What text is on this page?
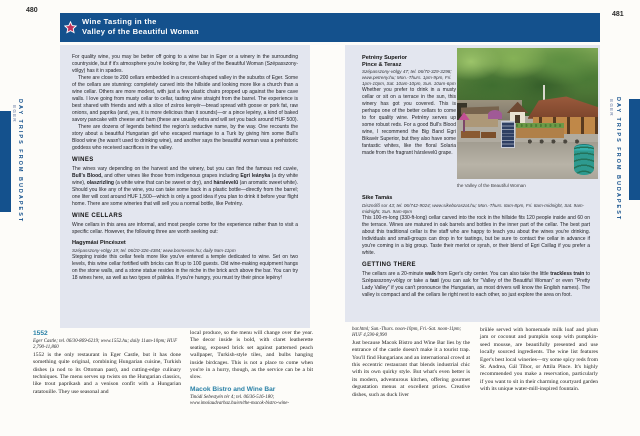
480
481
Wine Tasting in the
Valley of the Beautiful Woman

For quality wine, you may be better off going to a wine bar in Eger or a winery in the surrounding countryside, but if it's atmosphere you're looking for, the Valley of the Beautiful Woman (Szépasszony-völgy) has it in spades.

There are close to 200 cellars embedded in a crescent-shaped valley in the suburbs of Eger. Some of the cellars are stunning: completely carved into the hillside and looking more like a church than a wine cellar. Others are more modest, with just a few plastic chairs propped up against the bare cave walls. I love going from musty cellar to cellar, tasting wine straight from the barrel. The experience is best shared with friends and with a slice of zsíros kenyér—bread spread with goose or pork fat, raw onions, and paprika (and, yes, it is more delicious than it sounds)—or a pince lepény, a kind of baked savory pancake with cheese and ham (these are usually extra and will set you back around HUF 500).

There are dozens of legends behind the region's seductive name, by the way. One recounts the story about a beautiful Hungarian girl who escaped marriage to a Turk by giving him some Bull's Blood wine (he wasn't used to drinking wine), and another says the beautiful woman was a prehistoric goddess who received sacrifices in the valley.

WINES

The wines vary depending on the harvest and the winery, but you can find the famous red cuvée, Bull's Blood, and other wines like those from indigenous grapes including Egri leányka (a dry white wine), olaszrizling (a white wine that can be sweet or dry), and hárslevelű (an aromatic sweet white). Should you like any of the wine, you can take some back in a plastic bottle—directly from the barrel; one liter will cost around HUF 1,500—which is only a good idea if you plan to drink it before your flight home. There are some wineries that will sell you a normal bottle, like Petrény.

WINE CELLARS

Wine cellars in this area are informal, and most people come for the experience rather than to visit a specific cellar. However, the following three are worth seeking out:

Hagymási Pincészet

Szépasszony-völgy 19; tel. 06/20-326-4384; www.bormester.hu; daily 9am-11pm

Stepping inside this cellar feels more like you've entered a temple dedicated to wine. Set on two levels, this wine cellar fortified with bricks can fit up to 100 guests. Old wine-making equipment hangs on the stone walls, and a stone statue resides in the niche in the brick arch above the bar. You can try 18 wines here, as well as two types of pálinka. If you're hungry, you must try their pince lepény!

Petrény Superior
Pince & Terasz

Szépasszony-völgy 47; tel. 06/70-329-3298; www.petreny.hu; Mon.-Thurs. 1pm-9pm, Fri. 1pm-10pm, Sat. 10am-10pm, Sun. 10am-6pm

Whether you prefer to drink in a musty cellar or sit on a terrace in the sun, this winery has got you covered. This is perhaps one of the better cellars to come to for quality wine. Petrény serves up some robust reds. For a good Bull's Blood wine, I recommend the Big Band Egri Bikavér Superior, but they also have some fantastic whites, like the floral Solaria made from the fragrant hárslevelű grape.

the Valley of the Beautiful Woman
Sike Tamás

Disznófő sor 43; tel. 06/742-9024; www.sikeboraszat.hu; Mon.-Thurs. 8am-8pm, Fri. 8am-midnight, Sat. 9am-midnight, Sun. 9am-8pm

This 100-m-long (330-ft-long) cellar carved into the rock in the hillside fits 120 people inside and 60 on the terrace. Wines are matured in oak barrels and bottles in the inner part of the cellar. The best part about this traditional cellar is the staff who are happy to teach you about the wines you're drinking. Individuals and small-groups can drop in for tastings, but be sure to contact the cellar in advance if you're coming in a big group. Taste their merlot or syrah, or their blend of Egri Csillag if you prefer a white.

GETTING THERE

The cellars are a 20-minute walk from Eger's city center. You can also take the little trackless train to Szépasszony-völgy or take a taxi (you can ask for "Valley of the Beautiful Woman" or even "Pretty Lady Valley" if you can't pronounce the Hungarian, as most drivers will know the English names). The valley is compact and all the cellars lie right next to each other, so just explore the area on foot.

1552

Eger Castle; tel. 06/30-869-6219; www.1552.hu; daily 11am-10pm; HUF 2,790-11,860

1552 is the only restaurant in Eger Castle, but it has done something quite original, combining Hungarian cuisine, Turkish dishes (a nod to its Ottoman past), and cutting-edge culinary techniques. The menu serves up twists on the Hungarian classics, like trout paprikash and a venison confit with a Hungarian ratatouille. They use seasonal and

local produce, so the menu will change over the year. The decor inside is bold, with claret leatherette seating, exposed brick set against patterned peach wallpaper, Turkish-style tiles, and bulbs hanging inside birdcages. This is not a place to come when you're in a hurry, though, as the service can be a bit slow.

Macok Bistro and Wine Bar

Tinódi Sebestyén tér 4; tel. 06/36-516-180; www.imolaudvarhaz.hu/en/the-macok-bistro-wine-

bar.html; Sun.-Thurs. noon-10pm, Fri.-Sat. noon-11pm; HUF 4,590-8,990

Just because Macok Bistro and Wine Bar lies by the entrance of the castle doesn't make it a tourist trap. You'll find Hungarians and an international crowd at this eccentric restaurant that blends industrial chic with its own quirky style. But what's even better is its modern, adventurous kitchen, offering gourmet degustation menus at excellent prices. Creative dishes, such as duck liver

brûlée served with homemade milk loaf and plum jam or coconut and pumpkin soup with pumpkin-seed mousse, are beautifully presented and use locally sourced ingredients. The wine list features Eger's best local wineries—try some spicy reds from St. Andrea, Gál Tibor, or Attila Pince. It's highly recommended you make a reservation, particularly if you want to sit in their charming courtyard garden with its unique water-mill-inspired fountain.

DAY TRIPS FROM BUDAPEST
EGER	DAY TRIPS FROM BUDAPEST
EGER
